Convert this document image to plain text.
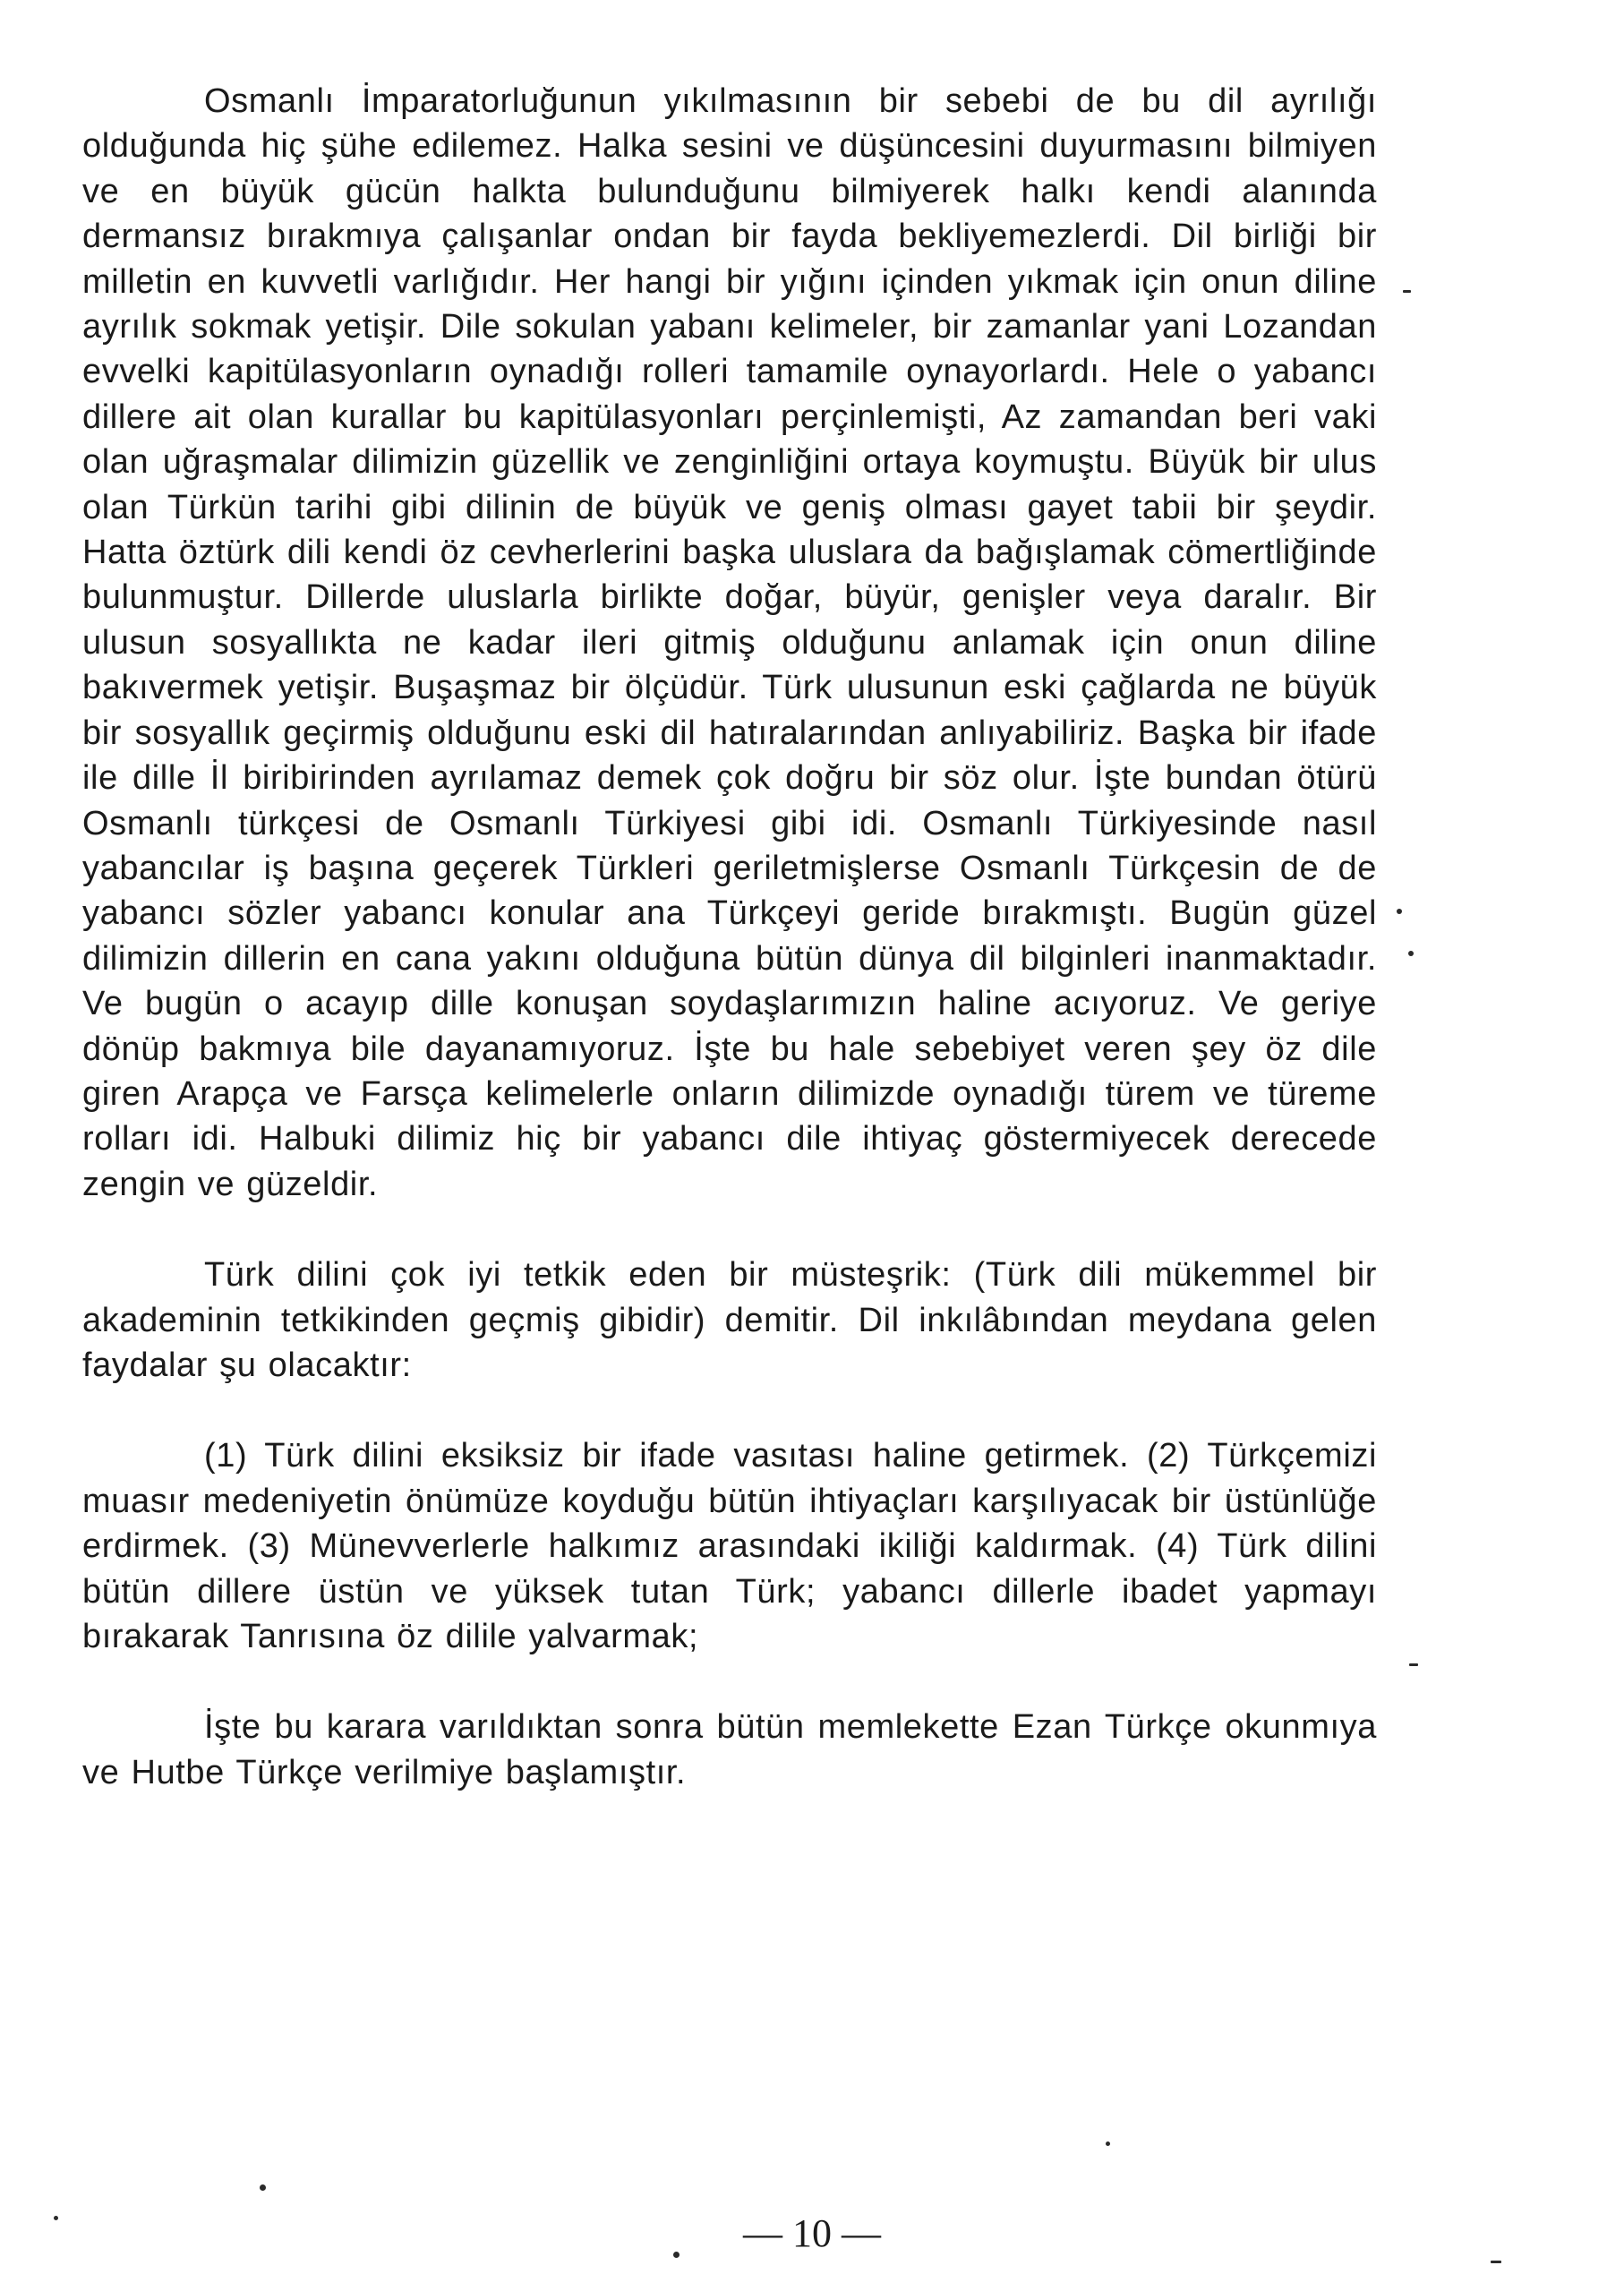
Osmanlı İmparatorluğunun yıkılmasının bir sebebi de bu dil ayrılığı olduğunda hiç şühe edilemez. Halka sesini ve düşüncesini duyurmasını bilmiyen ve en büyük gücün halkta bulunduğunu bilmiyerek halkı kendi alanında dermansız bırakmıya çalışanlar ondan bir fayda bekliyemezlerdi. Dil birliği bir milletin en kuvvetli varlığıdır. Her hangi bir yığını içinden yıkmak için onun diline ayrılık sokmak yetişir. Dile sokulan yabanı kelimeler, bir zamanlar yani Lozandan evvelki kapitülasyonların oynadığı rolleri tamamile oynayorlardı. Hele o yabancı dillere ait olan kurallar bu kapitülasyonları perçinlemişti, Az zamandan beri vaki olan uğraşmalar dilimizin güzellik ve zenginliğini ortaya koymuştu. Büyük bir ulus olan Türkün tarihi gibi dilinin de büyük ve geniş olması gayet tabii bir şeydir. Hatta öztürk dili kendi öz cevherlerini başka uluslara da bağışlamak cömertliğinde bulunmuştur. Dillerde uluslarla birlikte doğar, büyür, genişler veya daralır. Bir ulusun sosyallıkta ne kadar ileri gitmiş olduğunu anlamak için onun diline bakıvermek yetişir. Buşaşmaz bir ölçüdür. Türk ulusunun eski çağlarda ne büyük bir sosyallık geçirmiş olduğunu eski dil hatıralarından anlıyabiliriz. Başka bir ifade ile dille İl biribirinden ayrılamaz demek çok doğru bir söz olur. İşte bundan ötürü Osmanlı türkçesi de Osmanlı Türkiyesi gibi idi. Osmanlı Türkiyesinde nasıl yabancılar iş başına geçerek Türkleri geriletmişlerse Osmanlı Türkçesin de de yabancı sözler yabancı konular ana Türkçeyi geride bırakmıştı. Bugün güzel dilimizin dillerin en cana yakını olduğuna bütün dünya dil bilginleri inanmaktadır. Ve bugün o acayıp dille konuşan soydaşlarımızın haline acıyoruz. Ve geriye dönüp bakmıya bile dayanamıyoruz. İşte bu hale sebebiyet veren şey öz dile giren Arapça ve Farsça kelimelerle onların dilimizde oynadığı türem ve türeme rolları idi. Halbuki dilimiz hiç bir yabancı dile ihtiyaç göstermiyecek derecede zengin ve güzeldir.

Türk dilini çok iyi tetkik eden bir müsteşrik: (Türk dili mükemmel bir akademinin tetkikinden geçmiş gibidir) demitir. Dil inkılâbından meydana gelen faydalar şu olacaktır:

(1) Türk dilini eksiksiz bir ifade vasıtası haline getirmek. (2) Türkçemizi muasır medeniyetin önümüze koyduğu bütün ihtiyaçları karşılıyacak bir üstünlüğe erdirmek. (3) Münevverlerle halkımız arasındaki ikiliği kaldırmak. (4) Türk dilini bütün dillere üstün ve yüksek tutan Türk; yabancı dillerle ibadet yapmayı bırakarak Tanrısına öz dilile yalvarmak;

İşte bu karara varıldıktan sonra bütün memlekette Ezan Türkçe okunmıya ve Hutbe Türkçe verilmiye başlamıştır.

— 10 —
